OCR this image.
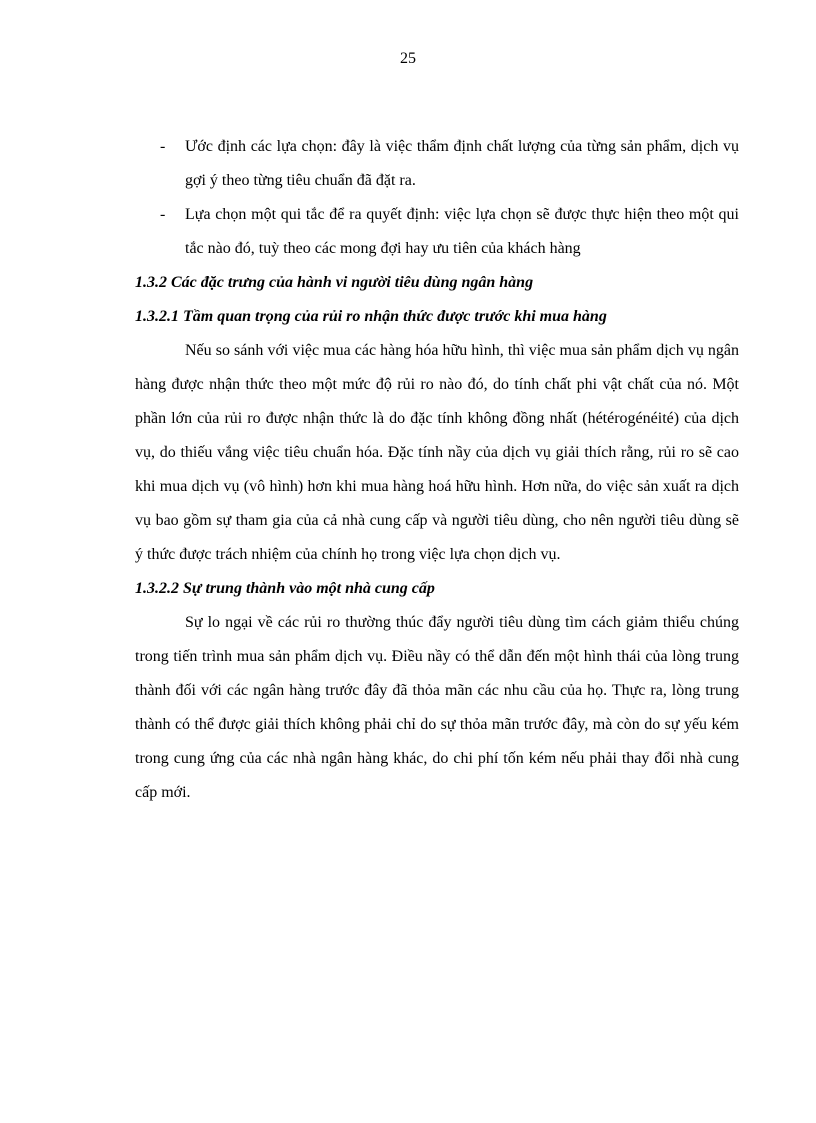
25

- Ước định các lựa chọn: đây là việc thẩm định chất lượng của từng sản phẩm, dịch vụ gợi ý theo từng tiêu chuẩn đã đặt ra.

- Lựa chọn một qui tắc để ra quyết định: việc lựa chọn sẽ được thực hiện theo một qui tắc nào đó, tuỳ theo các mong đợi hay ưu tiên của khách hàng

1.3.2 Các đặc trưng của hành vi người tiêu dùng ngân hàng

1.3.2.1 Tầm quan trọng của rủi ro nhận thức được trước khi mua hàng

Nếu so sánh với việc mua các hàng hóa hữu hình, thì việc mua sản phẩm dịch vụ ngân hàng được nhận thức theo một mức độ rủi ro nào đó, do tính chất phi vật chất của nó. Một phần lớn của rủi ro được nhận thức là do đặc tính không đồng nhất (hétérogénéité) của dịch vụ, do thiếu vắng việc tiêu chuẩn hóa. Đặc tính nầy của dịch vụ giải thích rằng, rủi ro sẽ cao khi mua dịch vụ (vô hình) hơn khi mua hàng hoá hữu hình. Hơn nữa, do việc sản xuất ra dịch vụ bao gồm sự tham gia của cả nhà cung cấp và người tiêu dùng, cho nên người tiêu dùng sẽ ý thức được trách nhiệm của chính họ trong việc lựa chọn dịch vụ.

1.3.2.2 Sự trung thành vào một nhà cung cấp

Sự lo ngại về các rủi ro thường thúc đẩy người tiêu dùng tìm cách giảm thiểu chúng trong tiến trình mua sản phẩm dịch vụ. Điều nầy có thể dẫn đến một hình thái của lòng trung thành đối với các ngân hàng trước đây đã thỏa mãn các nhu cầu của họ. Thực ra, lòng trung thành có thể được giải thích không phải chỉ do sự thỏa mãn trước đây, mà còn do sự yếu kém trong cung ứng của các nhà ngân hàng khác, do chi phí tốn kém nếu phải thay đổi nhà cung cấp mới.
